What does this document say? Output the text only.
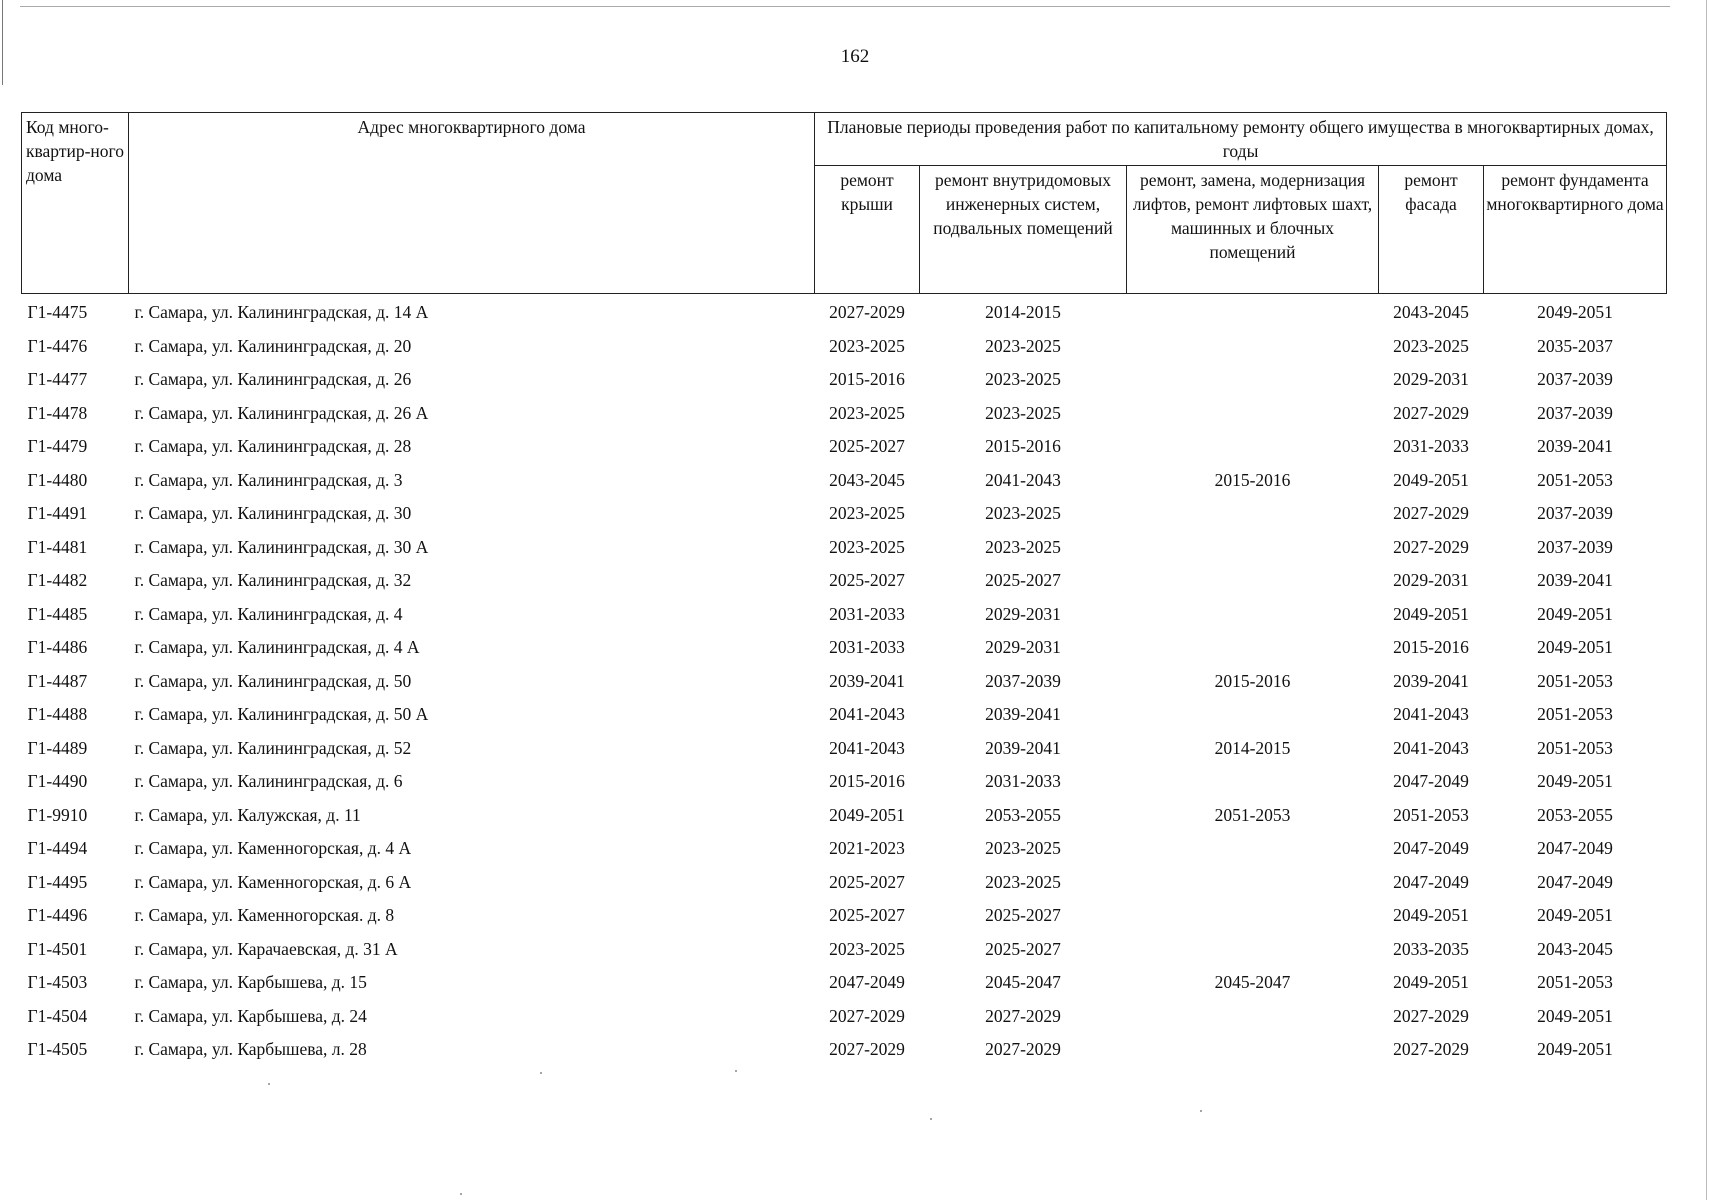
162
Код много-квартир-ного дома	Адрес многоквартирного дома	Плановые периоды проведения работ по капитальному ремонту общего имущества в многоквартирных домах, годы				
		ремонт крыши	ремонт внутридомовых инженерных систем, подвальных помещений	ремонт, замена, модернизация лифтов, ремонт лифтовых шахт, машинных и блочных помещений	ремонт фасада	ремонт фундамента многоквартирного дома
Г1-4475	г. Самара, ул. Калининградская, д. 14 А	2027-2029	2014-2015		2043-2045	2049-2051
Г1-4476	г. Самара, ул. Калининградская, д. 20	2023-2025	2023-2025		2023-2025	2035-2037
Г1-4477	г. Самара, ул. Калининградская, д. 26	2015-2016	2023-2025		2029-2031	2037-2039
Г1-4478	г. Самара, ул. Калининградская, д. 26 А	2023-2025	2023-2025		2027-2029	2037-2039
Г1-4479	г. Самара, ул. Калининградская, д. 28	2025-2027	2015-2016		2031-2033	2039-2041
Г1-4480	г. Самара, ул. Калининградская, д. 3	2043-2045	2041-2043	2015-2016	2049-2051	2051-2053
Г1-4491	г. Самара, ул. Калининградская, д. 30	2023-2025	2023-2025		2027-2029	2037-2039
Г1-4481	г. Самара, ул. Калининградская, д. 30 А	2023-2025	2023-2025		2027-2029	2037-2039
Г1-4482	г. Самара, ул. Калининградская, д. 32	2025-2027	2025-2027		2029-2031	2039-2041
Г1-4485	г. Самара, ул. Калининградская, д. 4	2031-2033	2029-2031		2049-2051	2049-2051
Г1-4486	г. Самара, ул. Калининградская, д. 4 А	2031-2033	2029-2031		2015-2016	2049-2051
Г1-4487	г. Самара, ул. Калининградская, д. 50	2039-2041	2037-2039	2015-2016	2039-2041	2051-2053
Г1-4488	г. Самара, ул. Калининградская, д. 50 А	2041-2043	2039-2041		2041-2043	2051-2053
Г1-4489	г. Самара, ул. Калининградская, д. 52	2041-2043	2039-2041	2014-2015	2041-2043	2051-2053
Г1-4490	г. Самара, ул. Калининградская, д. 6	2015-2016	2031-2033		2047-2049	2049-2051
Г1-9910	г. Самара, ул. Калужская, д. 11	2049-2051	2053-2055	2051-2053	2051-2053	2053-2055
Г1-4494	г. Самара, ул. Каменногорская, д. 4 А	2021-2023	2023-2025		2047-2049	2047-2049
Г1-4495	г. Самара, ул. Каменногорская, д. 6 А	2025-2027	2023-2025		2047-2049	2047-2049
Г1-4496	г. Самара, ул. Каменногорская. д. 8	2025-2027	2025-2027		2049-2051	2049-2051
Г1-4501	г. Самара, ул. Карачаевская, д. 31 А	2023-2025	2025-2027		2033-2035	2043-2045
Г1-4503	г. Самара, ул. Карбышева, д. 15	2047-2049	2045-2047	2045-2047	2049-2051	2051-2053
Г1-4504	г. Самара, ул. Карбышева, д. 24	2027-2029	2027-2029		2027-2029	2049-2051
Г1-4505	г. Самара, ул. Карбышева, л. 28	2027-2029	2027-2029		2027-2029	2049-2051
